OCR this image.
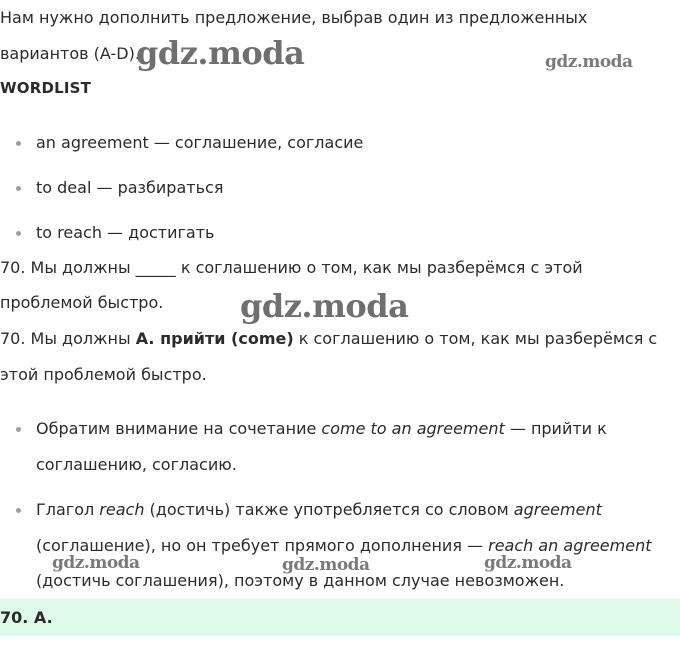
Нам нужно дополнить предложение, выбрав один из предложенных
вариантов (A-D).
WORDLIST
an agreement — соглашение, согласие
to deal — разбираться
to reach — достигать
70. Мы должны _____ к соглашению о том, как мы разберёмся с этой
проблемой быстро.
70. Мы должны A. прийти (come) к соглашению о том, как мы разберёмся с
этой проблемой быстро.
Обратим внимание на сочетание come to an agreement — прийти к
соглашению, согласию.
Глагол reach (достичь) также употребляется со словом agreement
(соглашение), но он требует прямого дополнения — reach an agreement
(достичь соглашения), поэтому в данном случае невозможен.
70. A.
gdz.moda	gdz.moda
gdz.moda
gdz.moda	gdz.moda	gdz.moda
